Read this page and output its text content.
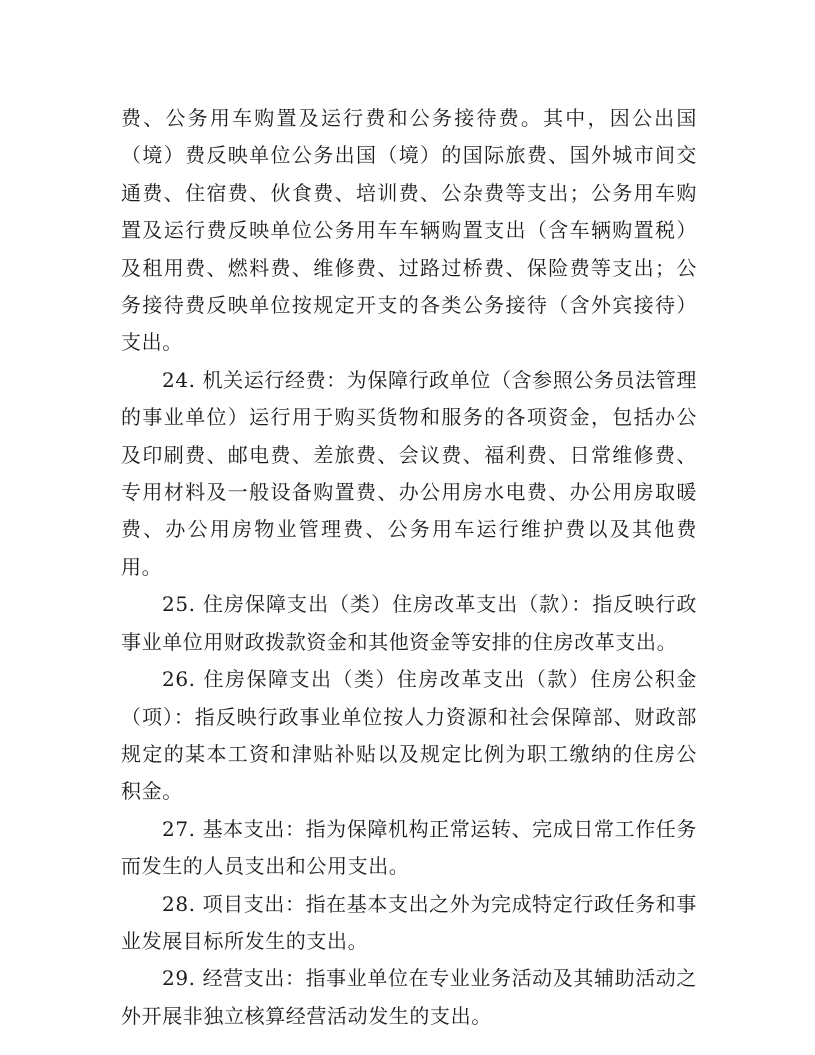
费、公务用车购置及运行费和公务接待费。其中，因公出国（境）费反映单位公务出国（境）的国际旅费、国外城市间交通费、住宿费、伙食费、培训费、公杂费等支出；公务用车购置及运行费反映单位公务用车车辆购置支出（含车辆购置税）及租用费、燃料费、维修费、过路过桥费、保险费等支出；公务接待费反映单位按规定开支的各类公务接待（含外宾接待）支出。

24. 机关运行经费：为保障行政单位（含参照公务员法管理的事业单位）运行用于购买货物和服务的各项资金，包括办公及印刷费、邮电费、差旅费、会议费、福利费、日常维修费、专用材料及一般设备购置费、办公用房水电费、办公用房取暖费、办公用房物业管理费、公务用车运行维护费以及其他费用。

25. 住房保障支出（类）住房改革支出（款）：指反映行政事业单位用财政拨款资金和其他资金等安排的住房改革支出。

26. 住房保障支出（类）住房改革支出（款）住房公积金（项）：指反映行政事业单位按人力资源和社会保障部、财政部规定的某本工资和津贴补贴以及规定比例为职工缴纳的住房公积金。

27. 基本支出：指为保障机构正常运转、完成日常工作任务而发生的人员支出和公用支出。

28. 项目支出：指在基本支出之外为完成特定行政任务和事业发展目标所发生的支出。

29. 经营支出：指事业单位在专业业务活动及其辅助活动之外开展非独立核算经营活动发生的支出。
